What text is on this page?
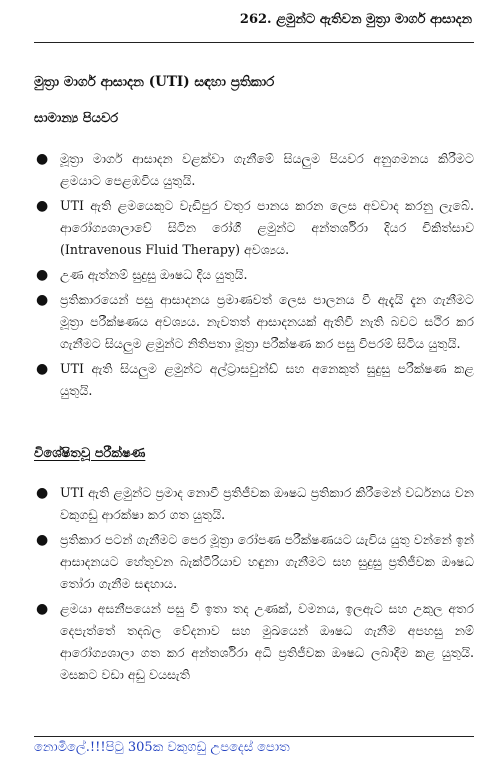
262. ළමුන්ට ඇතිවන මුත්‍රා මාර්ග ආසාදන
මුත්‍රා මාර්ග ආසාදන (UTI) සඳහා ප්‍රතිකාර
සාමාන්‍ය පියවර
● මූත්‍රා මාර්ග ආසාදන වළක්වා ගැනීමේ සියලුම පියවර අනුගමනය කිරීමට ළමයාට පෙළඹවිය යුතුයි.
● UTI ඇති ළමයෙකුට වැඩිපුර වතුර පානය කරන ලෙස අවවාද කරනු ලැබේ. ආරෝග්‍යශාලාවේ සිටින රෝගී ළමුන්ට අන්තර්ශිරා දියර චිකිත්සාව (Intravenous Fluid Therapy) අවශ්‍යය.
● උණ ඇත්නම් සුදුසු ඖෂධ දිය යුතුයි.
● ප්‍රතිකාරයෙන් පසු ආසාදනය ප්‍රමාණවත් ලෙස පාලනය වී ඇදැයි දැන ගැනීමට මූත්‍රා පරීක්ෂණය අවශ්‍යය. නැවතත් ආසාදනයක් ඇතිවී නැති බවට සථිර කර ගැනීමට සියලුම ළමුන්ට නිතිපතා මූත්‍රා පරීක්ෂණ කර පසු විපරම් සිටිය යුතුයි.
● UTI ඇති සියලුම ළමුන්ට අල්ට්‍රාසවුන්ඩ් සහ අනෙකුත් සුදුසු පරීක්ෂණ කළ යුතුයි.
විශේෂිතවූ පරීක්ෂණ
● UTI ඇති ළමුන්ට ප්‍රමාද නොවී ප්‍රතිජීවක ඖෂධ ප්‍රතිකාර කිරීමෙන් වර්ධනය වන වකුගඩු ආරක්ෂා කර ගත යුතුයි.
● ප්‍රතිකාර පටන් ගැනීමට පෙර මූත්‍රා රෝපණ පරීක්ෂණයට යැවිය යුතු වන්නේ ඉන් ආසාදනයට හේතුවන බැක්ටීරියාව හඳුනා ගැනීමට සහ සුදුසු ප්‍රතිජීවක ඖෂධ තෝරා ගැනීම සඳහාය.
● ළමයා අසනීපයෙන් පසු වී ඉතා තද උණක්, වමනය, ඉලඇට සහ උකුල අතර දෙපැත්තේ තදබල වේදනාව සහ මුඛයෙන් ඖෂධ ගැනීම අපහසු නම් ආරෝග්‍යශාලා ගත කර අන්තර්ශිරා අධි ප්‍රතිජීවක ඖෂධ ලබාදීම කළ යුතුයි. මසකට වඩා අඩු වයසැති
නොමිලේ.!!!පිටු 305ක වකුගඩු උපදෙස් පොත
